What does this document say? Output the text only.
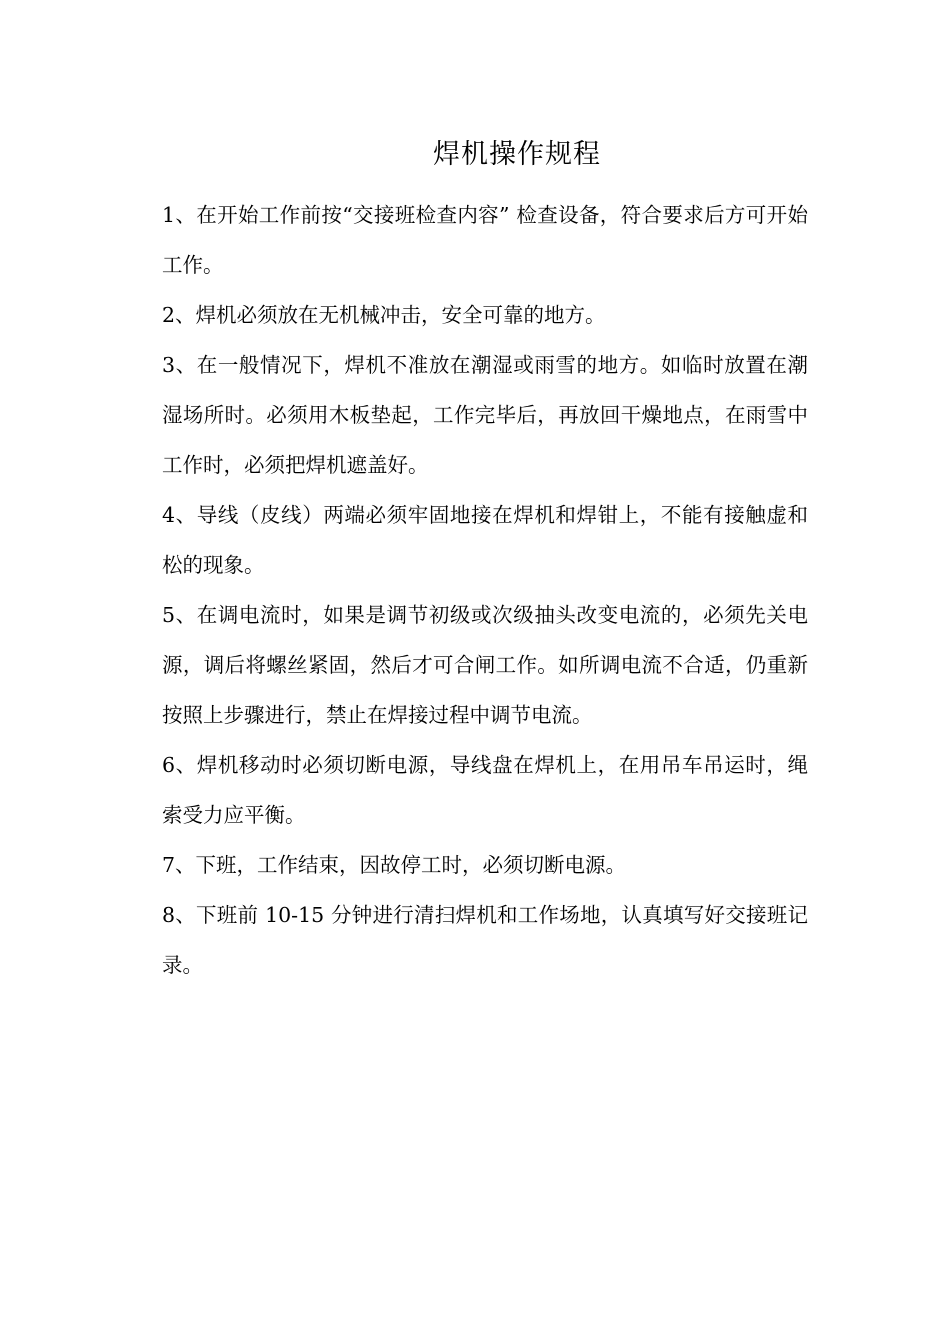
焊机操作规程

1、在开始工作前按“交接班检查内容” 检查设备，符合要求后方可开始工作。

2、焊机必须放在无机械冲击，安全可靠的地方。

3、在一般情况下，焊机不准放在潮湿或雨雪的地方。如临时放置在潮湿场所时。必须用木板垫起，工作完毕后，再放回干燥地点，在雨雪中工作时，必须把焊机遮盖好。

4、导线（皮线）两端必须牢固地接在焊机和焊钳上，不能有接触虚和松的现象。

5、在调电流时，如果是调节初级或次级抽头改变电流的，必须先关电源，调后将螺丝紧固，然后才可合闸工作。如所调电流不合适，仍重新按照上步骤进行，禁止在焊接过程中调节电流。

6、焊机移动时必须切断电源，导线盘在焊机上，在用吊车吊运时，绳索受力应平衡。

7、下班，工作结束，因故停工时，必须切断电源。

8、下班前 10-15 分钟进行清扫焊机和工作场地，认真填写好交接班记录。
